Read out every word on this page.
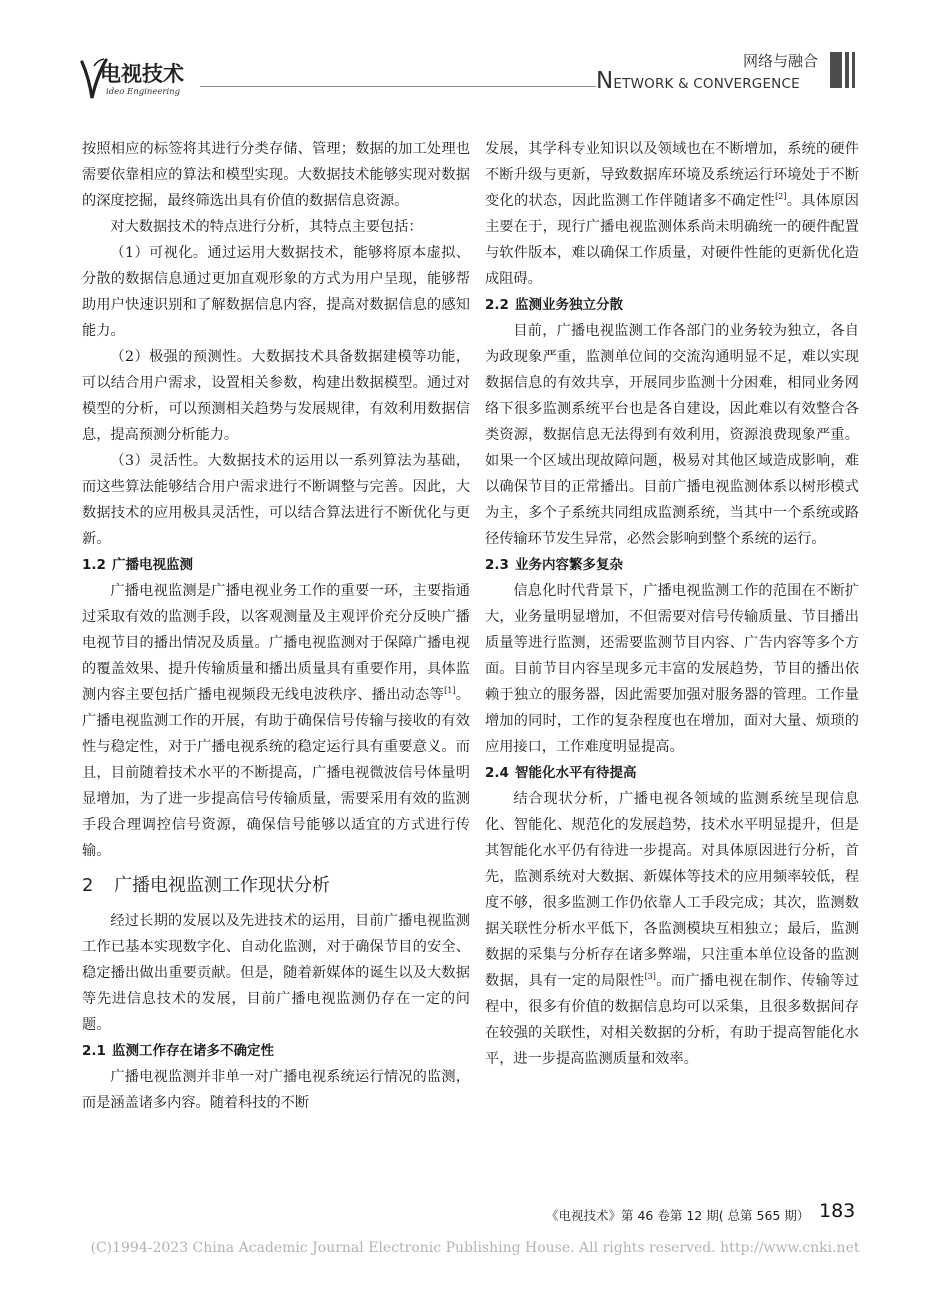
电视技术
ideo Engineering
网络与融合
NETWORK & CONVERGENCE

按照相应的标签将其进行分类存储、管理；数据的加工处理也需要依靠相应的算法和模型实现。大数据技术能够实现对数据的深度挖掘，最终筛选出具有价值的数据信息资源。

对大数据技术的特点进行分析，其特点主要包括：

（1）可视化。通过运用大数据技术，能够将原本虚拟、分散的数据信息通过更加直观形象的方式为用户呈现，能够帮助用户快速识别和了解数据信息内容，提高对数据信息的感知能力。

（2）极强的预测性。大数据技术具备数据建模等功能，可以结合用户需求，设置相关参数，构建出数据模型。通过对模型的分析，可以预测相关趋势与发展规律，有效利用数据信息，提高预测分析能力。

（3）灵活性。大数据技术的运用以一系列算法为基础，而这些算法能够结合用户需求进行不断调整与完善。因此，大数据技术的应用极具灵活性，可以结合算法进行不断优化与更新。

1.2 广播电视监测

广播电视监测是广播电视业务工作的重要一环，主要指通过采取有效的监测手段，以客观测量及主观评价充分反映广播电视节目的播出情况及质量。广播电视监测对于保障广播电视的覆盖效果、提升传输质量和播出质量具有重要作用，具体监测内容主要包括广播电视频段无线电波秩序、播出动态等[1]。广播电视监测工作的开展，有助于确保信号传输与接收的有效性与稳定性，对于广播电视系统的稳定运行具有重要意义。而且，目前随着技术水平的不断提高，广播电视微波信号体量明显增加，为了进一步提高信号传输质量，需要采用有效的监测手段合理调控信号资源，确保信号能够以适宜的方式进行传输。

2 广播电视监测工作现状分析

经过长期的发展以及先进技术的运用，目前广播电视监测工作已基本实现数字化、自动化监测，对于确保节目的安全、稳定播出做出重要贡献。但是，随着新媒体的诞生以及大数据等先进信息技术的发展，目前广播电视监测仍存在一定的问题。

2.1 监测工作存在诸多不确定性

广播电视监测并非单一对广播电视系统运行情况的监测，而是涵盖诸多内容。随着科技的不断

发展，其学科专业知识以及领域也在不断增加，系统的硬件不断升级与更新，导致数据库环境及系统运行环境处于不断变化的状态，因此监测工作伴随诸多不确定性[2]。具体原因主要在于，现行广播电视监测体系尚未明确统一的硬件配置与软件版本，难以确保工作质量，对硬件性能的更新优化造成阻碍。

2.2 监测业务独立分散

目前，广播电视监测工作各部门的业务较为独立，各自为政现象严重，监测单位间的交流沟通明显不足，难以实现数据信息的有效共享，开展同步监测十分困难，相同业务网络下很多监测系统平台也是各自建设，因此难以有效整合各类资源，数据信息无法得到有效利用，资源浪费现象严重。如果一个区域出现故障问题，极易对其他区域造成影响，难以确保节目的正常播出。目前广播电视监测体系以树形模式为主，多个子系统共同组成监测系统，当其中一个系统或路径传输环节发生异常，必然会影响到整个系统的运行。

2.3 业务内容繁多复杂

信息化时代背景下，广播电视监测工作的范围在不断扩大，业务量明显增加，不但需要对信号传输质量、节目播出质量等进行监测，还需要监测节目内容、广告内容等多个方面。目前节目内容呈现多元丰富的发展趋势，节目的播出依赖于独立的服务器，因此需要加强对服务器的管理。工作量增加的同时，工作的复杂程度也在增加，面对大量、烦琐的应用接口，工作难度明显提高。

2.4 智能化水平有待提高

结合现状分析，广播电视各领域的监测系统呈现信息化、智能化、规范化的发展趋势，技术水平明显提升，但是其智能化水平仍有待进一步提高。对具体原因进行分析，首先，监测系统对大数据、新媒体等技术的应用频率较低，程度不够，很多监测工作仍依靠人工手段完成；其次，监测数据关联性分析水平低下，各监测模块互相独立；最后，监测数据的采集与分析存在诸多弊端，只注重本单位设备的监测数据，具有一定的局限性[3]。而广播电视在制作、传输等过程中，很多有价值的数据信息均可以采集，且很多数据间存在较强的关联性，对相关数据的分析，有助于提高智能化水平，进一步提高监测质量和效率。

《电视技术》第 46 卷第 12 期( 总第 565 期） 183
(C)1994-2023 China Academic Journal Electronic Publishing House. All rights reserved. http://www.cnki.net
